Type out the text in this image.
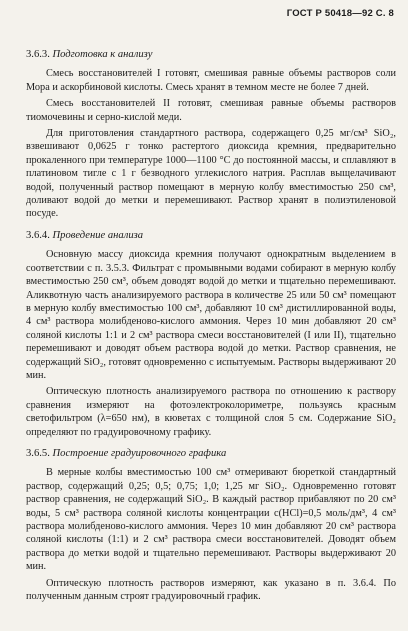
ГОСТ Р 50418—92 С. 8
3.6.3. Подготовка к анализу

Смесь восстановителей I готовят, смешивая равные объемы растворов соли Мора и аскорбиновой кислоты. Смесь хранят в темном месте не более 7 дней.

Смесь восстановителей II готовят, смешивая равные объемы растворов тиомочевины и серно-кислой меди.

Для приготовления стандартного раствора, содержащего 0,25 мг/см³ SiO₂, взвешивают 0,0625 г тонко растертого диоксида кремния, предварительно прокаленного при температуре 1000—1100 °С до постоянной массы, и сплавляют в платиновом тигле с 1 г безводного углекислого натрия. Расплав выщелачивают водой, полученный раствор помещают в мерную колбу вместимостью 250 см³, доливают водой до метки и перемешивают. Раствор хранят в полиэтиленовой посуде.

3.6.4. Проведение анализа

Основную массу диоксида кремния получают однократным выделением в соответствии с п. 3.5.3. Фильтрат с промывными водами собирают в мерную колбу вместимостью 250 см³, объем доводят водой до метки и тщательно перемешивают. Аликвотную часть анализируемого раствора в количестве 25 или 50 см³ помещают в мерную колбу вместимостью 100 см³, добавляют 10 см³ дистиллированной воды, 4 см³ раствора молибденово-кислого аммония. Через 10 мин добавляют 20 см³ соляной кислоты 1:1 и 2 см³ раствора смеси восстановителей (I или II), тщательно перемешивают и доводят объем раствора водой до метки. Раствор сравнения, не содержащий SiO₂, готовят одновременно с испытуемым. Растворы выдерживают 20 мин.

Оптическую плотность анализируемого раствора по отношению к раствору сравнения измеряют на фотоэлектроколориметре, пользуясь красным светофильтром (λ=650 нм), в кюветах с толщиной слоя 5 см. Содержание SiO₂ определяют по градуировочному графику.

3.6.5. Построение градуировочного графика

В мерные колбы вместимостью 100 см³ отмеривают бюреткой стандартный раствор, содержащий 0,25; 0,5; 0,75; 1,0; 1,25 мг SiO₂. Одновременно готовят раствор сравнения, не содержащий SiO₂. В каждый раствор прибавляют по 20 см³ воды, 5 см³ раствора соляной кислоты концентрации c(HCl)=0,5 моль/дм³, 4 см³ раствора молибденово-кислого аммония. Через 10 мин добавляют 20 см³ раствора соляной кислоты (1:1) и 2 см³ раствора смеси восстановителей. Доводят объем раствора до метки водой и тщательно перемешивают. Растворы выдерживают 20 мин.

Оптическую плотность растворов измеряют, как указано в п. 3.6.4. По полученным данным строят градуировочный график.
